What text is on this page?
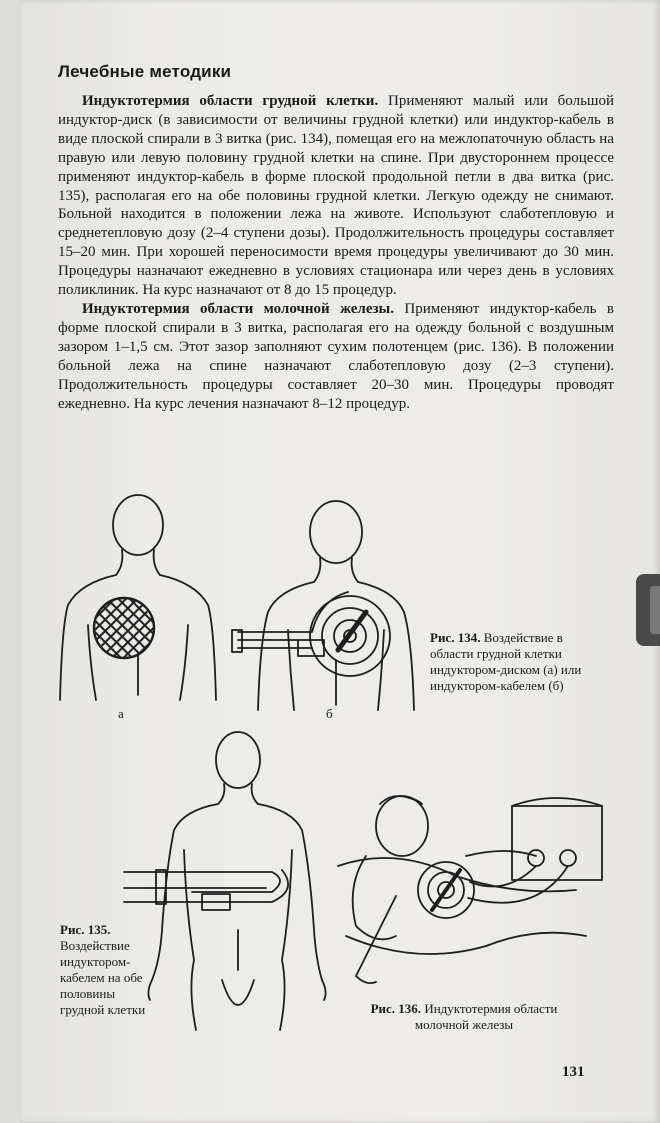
Лечебные методики

Индуктотермия области грудной клетки. Применяют малый или большой индуктор-диск (в зависимости от величины грудной клетки) или индуктор-кабель в виде плоской спирали в 3 витка (рис. 134), помещая его на межлопаточную область на правую или левую половину грудной клетки на спине. При двустороннем процессе применяют индуктор-кабель в форме плоской продольной петли в два витка (рис. 135), располагая его на обе половины грудной клетки. Легкую одежду не снимают. Больной находится в положении лежа на животе. Используют слаботепловую и среднетепловую дозу (2–4 ступени дозы). Продолжительность процедуры составляет 15–20 мин. При хорошей переносимости время процедуры увеличивают до 30 мин. Процедуры назначают ежедневно в условиях стационара или через день в условиях поликлиник. На курс назначают от 8 до 15 процедур.

Индуктотермия области молочной железы. Применяют индуктор-кабель в форме плоской спирали в 3 витка, располагая его на одежду больной с воздушным зазором 1–1,5 см. Этот зазор заполняют сухим полотенцем (рис. 136). В положении больной лежа на спине назначают слаботепловую дозу (2–3 ступени). Продолжительность процедуры составляет 20–30 мин. Процедуры проводят ежедневно. На курс лечения назначают 8–12 процедур.

а	б
Рис. 134. Воздействие в области грудной клетки индуктором-диском (а) или индуктором-кабелем (б)
Рис. 135. Воздействие индуктором-кабелем на обе половины грудной клетки	Рис. 136. Индуктотермия области молочной железы
131
